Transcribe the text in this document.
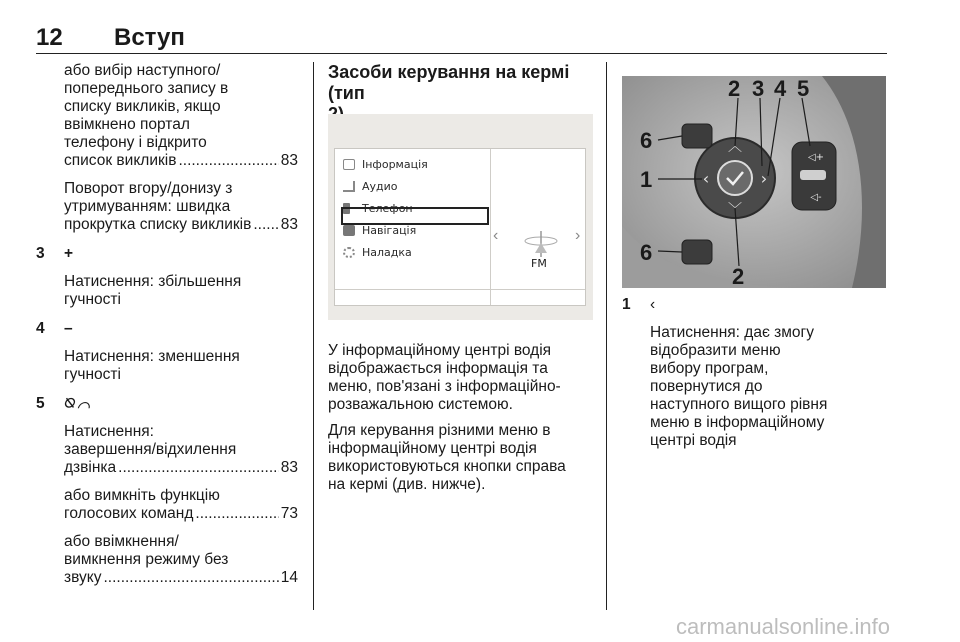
12 Вступ
або вибір наступного/
попереднього запису в
списку викликів, якщо
ввімкнено портал
телефону і відкрито
список викликів .....	83
Поворот вгору/донизу з
утримуванням: швидка
прокрутка списку викликів ..... 83
3	+
Натиснення: збільшення
гучності
4	–
Натиснення: зменшення
гучності
5	⍉ ⌒
Натиснення:
завершення/відхилення
дзвінка .....	83
або вимкніть функцію
голосових команд .....	73
або ввімкнення/
вимкнення режиму без
звуку .....	14
Засоби керування на кермі (тип
У інформаційному центрі водія
відображається інформація та
меню, пов'язані з інформаційно-
розважальною системою.
Для керування різними меню в
інформаційному центрі водія
використовуються кнопки справа
на кермі (див. нижче).
Інформація
Аудио
Телефон
Навігація
Наладка
‹	›
FM
︿
﹀
‹	›
◁+
◁-
6
1
6
2 3 4 5
2
1	‹
Натиснення: дає змогу
відобразити меню
вибору програм,
повернутися до
наступного вищого рівня
меню в інформаційному
центрі водія
carmanualsonline.info
